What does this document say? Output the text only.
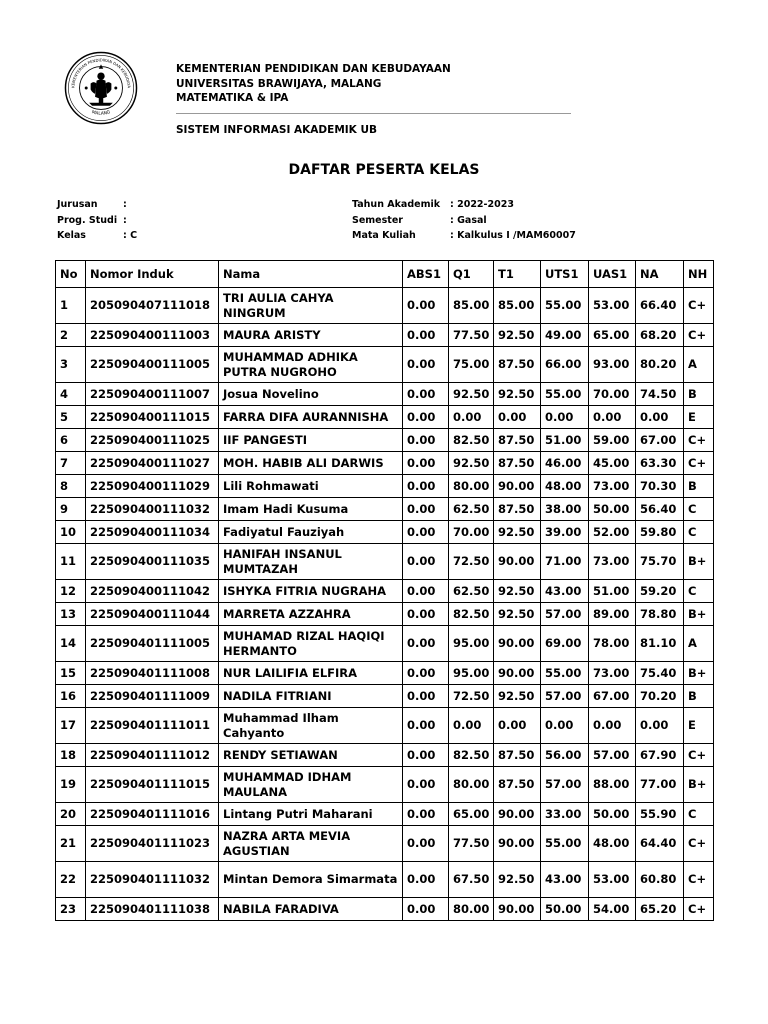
KEMENTERIAN PENDIDIKAN DAN KEBUDAYA
MALANG
KEMENTERIAN PENDIDIKAN DAN KEBUDAYAAN
UNIVERSITAS BRAWIJAYA, MALANG
MATEMATIKA & IPA
SISTEM INFORMASI AKADEMIK UB
DAFTAR PESERTA KELAS
Jurusan	:
Prog. Studi :
Kelas	: C
Tahun Akademik	: 2022-2023
Semester	: Gasal
Mata Kuliah	: Kalkulus I /MAM60007
No	Nomor Induk	Nama	ABS1	Q1	T1	UTS1	UAS1	NA	NH
1	205090407111018	TRI AULIA CAHYA NINGRUM	0.00	85.00	85.00	55.00	53.00	66.40	C+
2	225090400111003	MAURA ARISTY	0.00	77.50	92.50	49.00	65.00	68.20	C+
3	225090400111005	MUHAMMAD ADHIKA PUTRA NUGROHO	0.00	75.00	87.50	66.00	93.00	80.20	A
4	225090400111007	Josua Novelino	0.00	92.50	92.50	55.00	70.00	74.50	B
5	225090400111015	FARRA DIFA AURANNISHA	0.00	0.00	0.00	0.00	0.00	0.00	E
6	225090400111025	IIF PANGESTI	0.00	82.50	87.50	51.00	59.00	67.00	C+
7	225090400111027	MOH. HABIB ALI DARWIS	0.00	92.50	87.50	46.00	45.00	63.30	C+
8	225090400111029	Lili Rohmawati	0.00	80.00	90.00	48.00	73.00	70.30	B
9	225090400111032	Imam Hadi Kusuma	0.00	62.50	87.50	38.00	50.00	56.40	C
10	225090400111034	Fadiyatul Fauziyah	0.00	70.00	92.50	39.00	52.00	59.80	C
11	225090400111035	HANIFAH INSANUL MUMTAZAH	0.00	72.50	90.00	71.00	73.00	75.70	B+
12	225090400111042	ISHYKA FITRIA NUGRAHA	0.00	62.50	92.50	43.00	51.00	59.20	C
13	225090400111044	MARRETA AZZAHRA	0.00	82.50	92.50	57.00	89.00	78.80	B+
14	225090401111005	MUHAMAD RIZAL HAQIQI HERMANTO	0.00	95.00	90.00	69.00	78.00	81.10	A
15	225090401111008	NUR LAILIFIA ELFIRA	0.00	95.00	90.00	55.00	73.00	75.40	B+
16	225090401111009	NADILA FITRIANI	0.00	72.50	92.50	57.00	67.00	70.20	B
17	225090401111011	Muhammad Ilham Cahyanto	0.00	0.00	0.00	0.00	0.00	0.00	E
18	225090401111012	RENDY SETIAWAN	0.00	82.50	87.50	56.00	57.00	67.90	C+
19	225090401111015	MUHAMMAD IDHAM MAULANA	0.00	80.00	87.50	57.00	88.00	77.00	B+
20	225090401111016	Lintang Putri Maharani	0.00	65.00	90.00	33.00	50.00	55.90	C
21	225090401111023	NAZRA ARTA MEVIA AGUSTIAN	0.00	77.50	90.00	55.00	48.00	64.40	C+
22	225090401111032	Mintan Demora Simarmata	0.00	67.50	92.50	43.00	53.00	60.80	C+
23	225090401111038	NABILA FARADIVA	0.00	80.00	90.00	50.00	54.00	65.20	C+
